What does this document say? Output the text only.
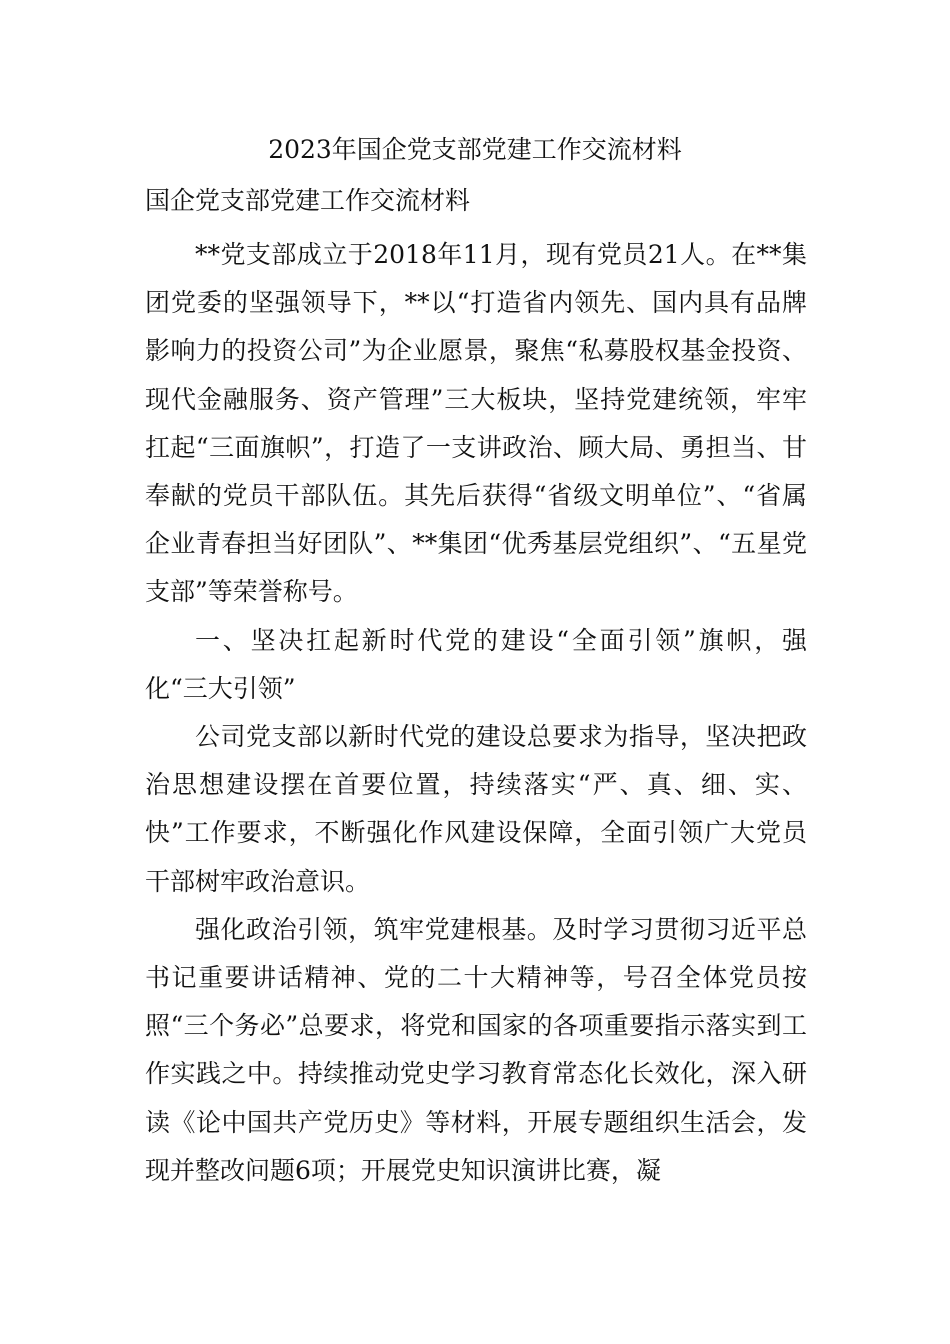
2023年国企党支部党建工作交流材料
国企党支部党建工作交流材料

**党支部成立于2018年11月，现有党员21人。在**集团党委的坚强领导下，**以“打造省内领先、国内具有品牌影响力的投资公司”为企业愿景，聚焦“私募股权基金投资、现代金融服务、资产管理”三大板块，坚持党建统领，牢牢扛起“三面旗帜”，打造了一支讲政治、顾大局、勇担当、甘奉献的党员干部队伍。其先后获得“省级文明单位”、“省属企业青春担当好团队”、**集团“优秀基层党组织”、“五星党支部”等荣誉称号。

一、坚决扛起新时代党的建设“全面引领”旗帜，强化“三大引领”

公司党支部以新时代党的建设总要求为指导，坚决把政治思想建设摆在首要位置，持续落实“严、真、细、实、快”工作要求，不断强化作风建设保障，全面引领广大党员干部树牢政治意识。

强化政治引领，筑牢党建根基。及时学习贯彻习近平总书记重要讲话精神、党的二十大精神等，号召全体党员按照“三个务必”总要求，将党和国家的各项重要指示落实到工作实践之中。持续推动党史学习教育常态化长效化，深入研读《论中国共产党历史》等材料，开展专题组织生活会，发现并整改问题6项；开展党史知识演讲比赛，凝
